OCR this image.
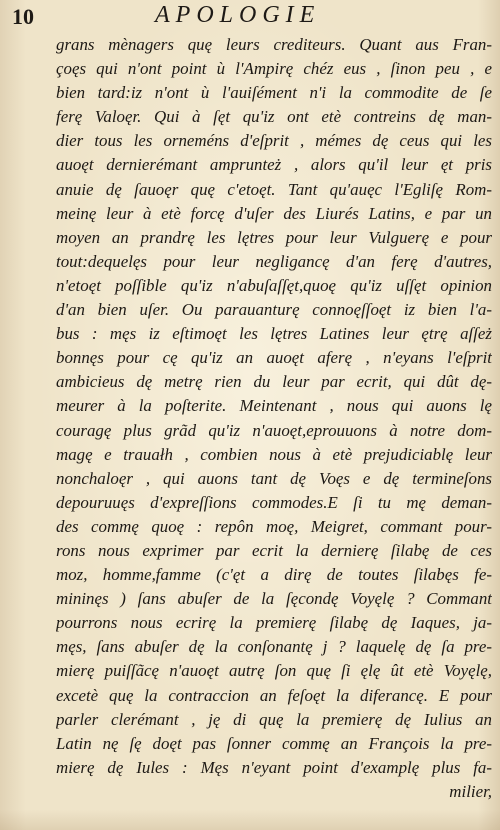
10	APOLOGIE
grans mènagers quę leurs crediteurs. Quant aus Fran-
çoęs qui n'ont point ù l'Ampirę chéz eus , ſinon peu , e
bien tard:iz n'ont ù l'auiſément n'i la commodite de ſe
ferę Valoęr. Qui à ſęt qu'iz ont etè contreins dę man-
dier tous les orneméns d'eſprit , mémes dę ceus qui les
auoęt dernierémant amprunteż , alors qu'il leur ęt pris
anuie dę ſauoęr quę c'etoęt. Tant qu'auęc l'Egliſę Rom-
meinę leur à etè forcę d'uſer des Liurés Latins, e par un
moyen an prandrę les lętres pour leur Vulguerę e pour
tout:dequelęs pour leur negligancę d'an ferę d'autres,
n'etoęt poſſible qu'iz n'abuſaſſęt,quoę qu'iz uſſęt opinion
d'an bien uſer. Ou parauanturę connoęſſoęt iz bien l'a-
bus : męs iz eſtimoęt les lętres Latines leur ętrę aſſeż
bonnęs pour cę qu'iz an auoęt aferę , n'eyans l'eſprit
ambicieus dę metrę rien du leur par ecrit, qui dût dę-
meurer à la poſterite. Meintenant , nous qui auons lę
couragę plus grãd qu'iz n'auoęt,eprouuons à notre dom-
magę e trauałh , combien nous à etè prejudiciablę leur
nonchaloęr , qui auons tant dę Voęs e dę termineſons
depouruuęs d'expreſſions commodes.E ſi tu mę deman-
des commę quoę : repôn moę, Meigret, commant pour-
rons nous exprimer par ecrit la dernierę ſilabę de ces
moz, homme,famme (c'ęt a dirę de toutes ſilabęs fe-
mininęs ) ſans abuſer de la ſęcondę Voyęlę ? Commant
pourrons nous ecrirę la premierę ſilabę dę Iaques, ja-
męs, ſans abuſer dę la conſonantę j ? laquelę dę ſa pre-
mierę puiſſãcę n'auoęt autrę ſon quę ſi ęlę ût etè Voyęlę,
excetè quę la contraccion an feſoęt la diferancę. E pour
parler clerémant , ję di quę la premierę dę Iulius an
Latin nę ſę doęt pas ſonner commę an François la pre-
mierę dę Iules : Męs n'eyant point d'examplę plus fa-
milier,
